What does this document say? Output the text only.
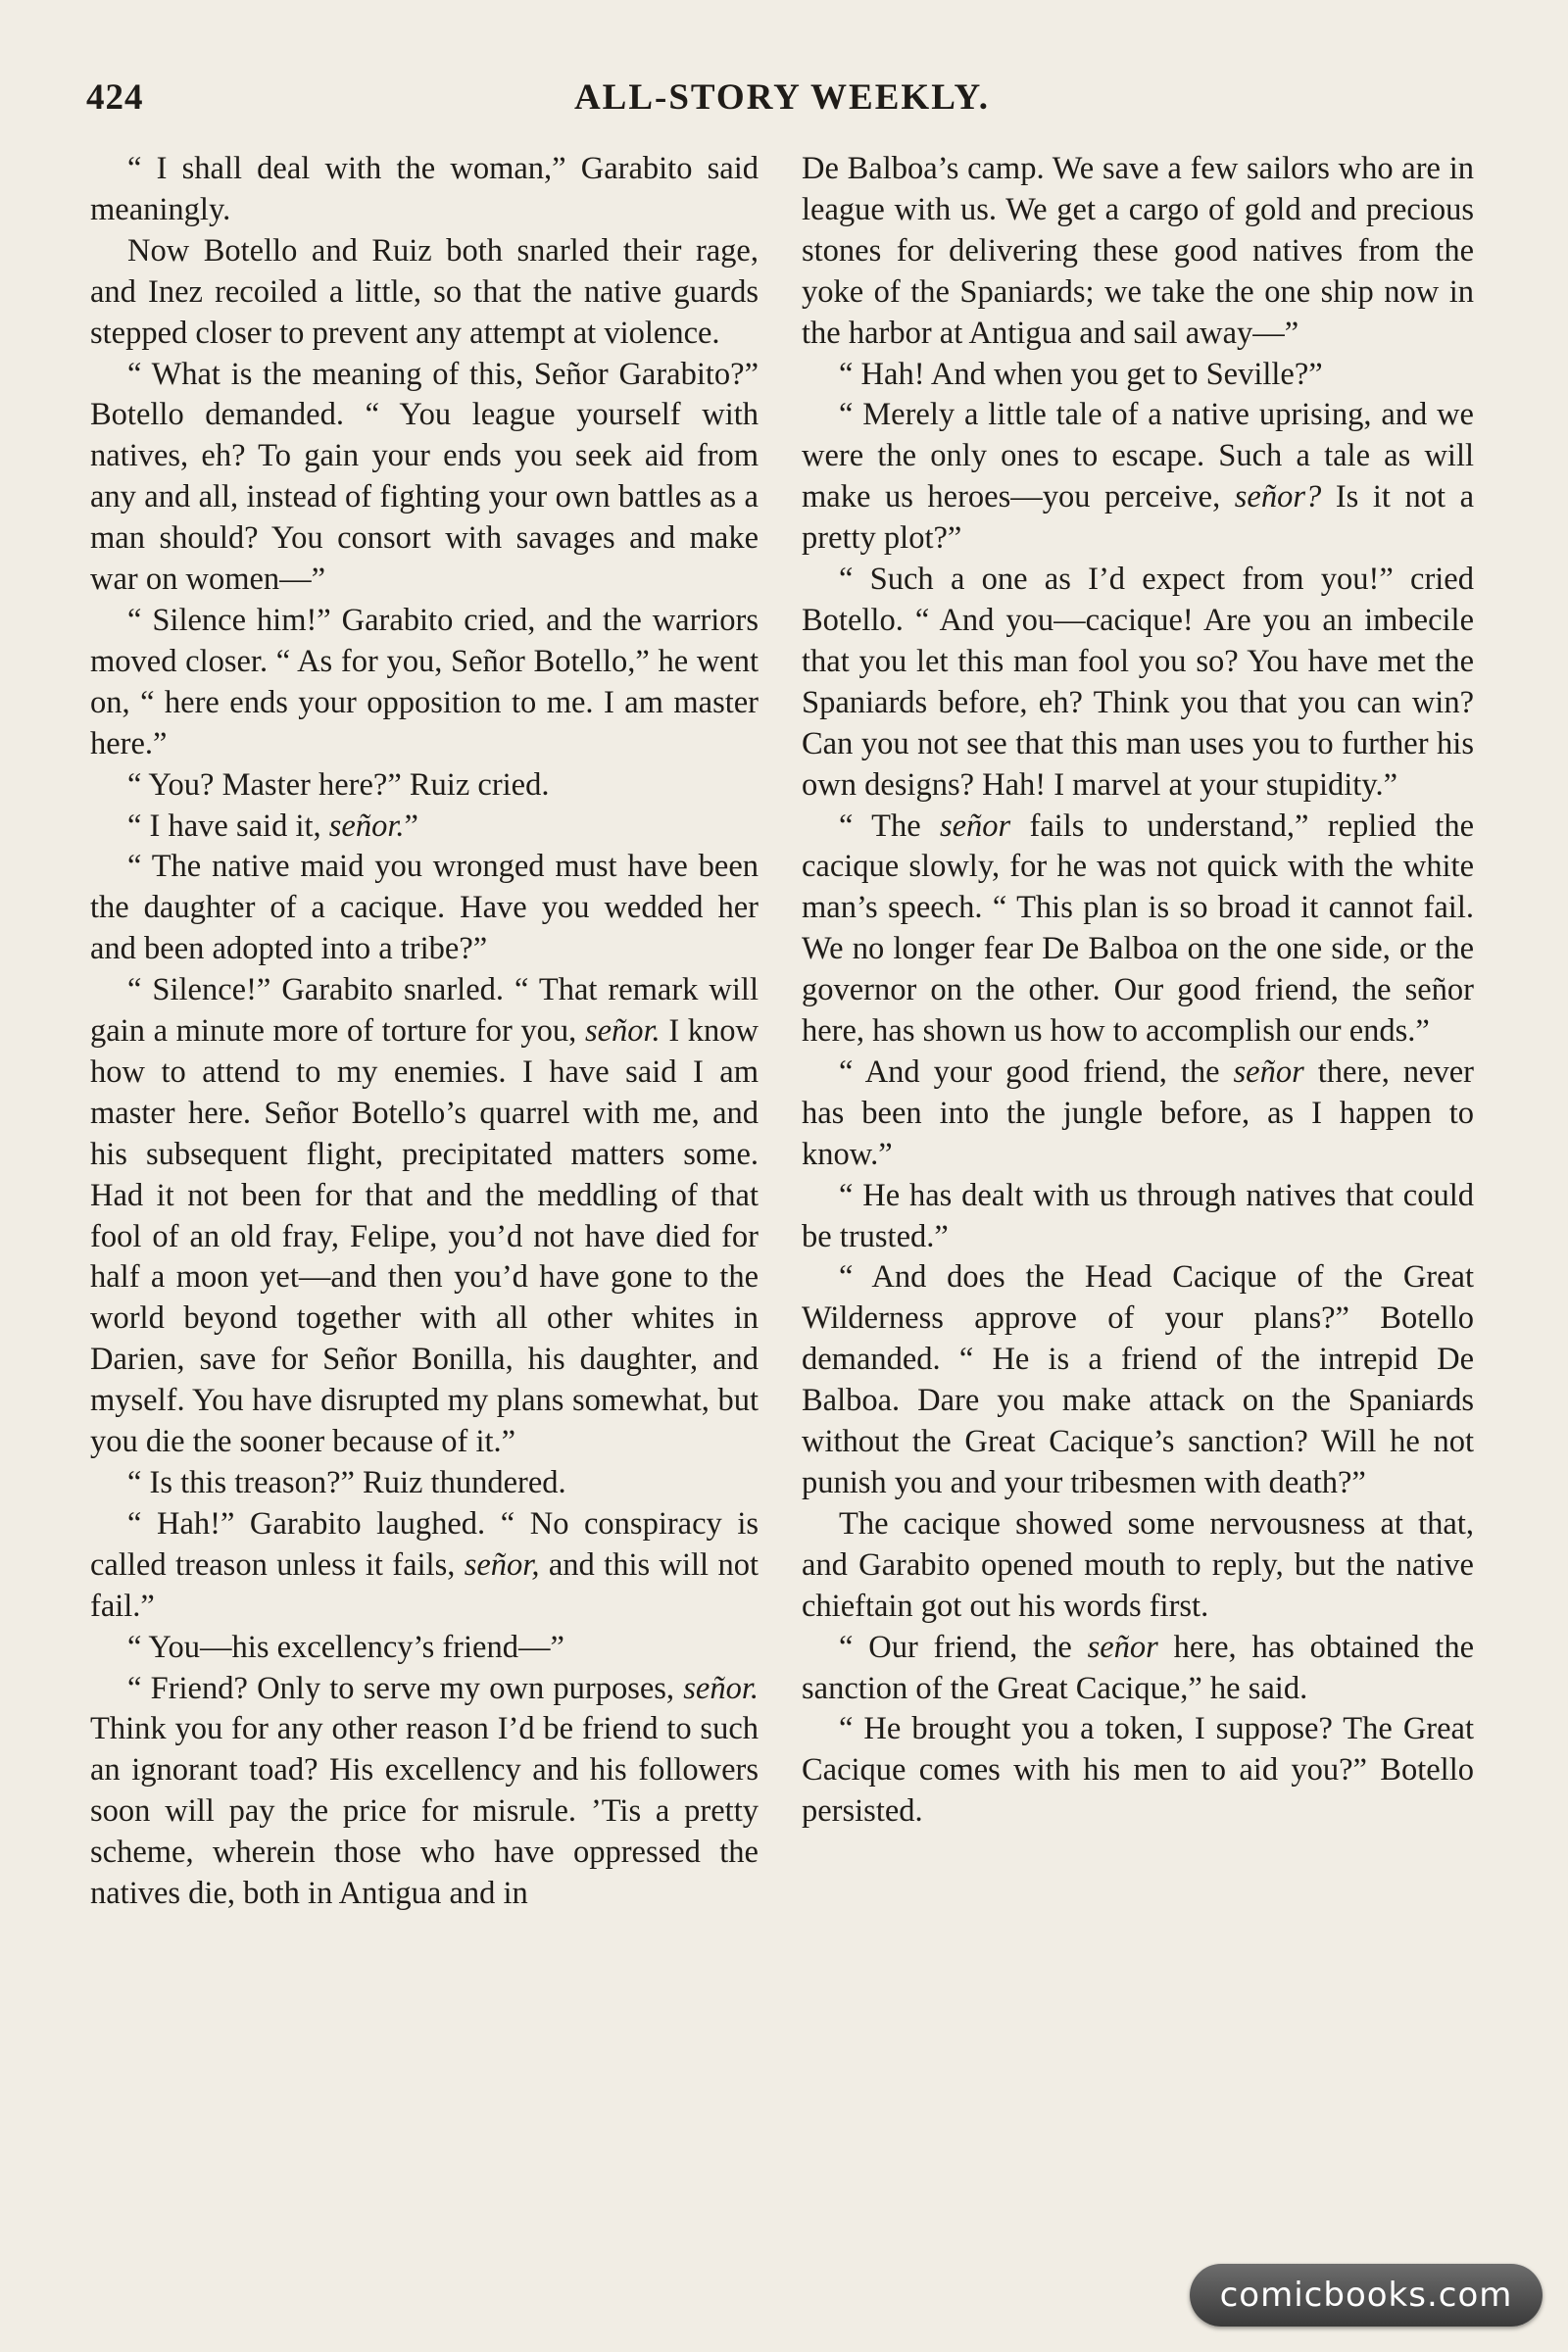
424	ALL-STORY WEEKLY.

“ I shall deal with the woman,” Garabito said meaningly.

Now Botello and Ruiz both snarled their rage, and Inez recoiled a little, so that the native guards stepped closer to prevent any attempt at violence.

“ What is the meaning of this, Señor Garabito?” Botello demanded. “ You league yourself with natives, eh? To gain your ends you seek aid from any and all, instead of fighting your own battles as a man should? You consort with savages and make war on women—”

“ Silence him!” Garabito cried, and the warriors moved closer. “ As for you, Señor Botello,” he went on, “ here ends your opposition to me. I am master here.”

“ You? Master here?” Ruiz cried.

“ I have said it, señor.”

“ The native maid you wronged must have been the daughter of a cacique. Have you wedded her and been adopted into a tribe?”

“ Silence!” Garabito snarled. “ That remark will gain a minute more of torture for you, señor. I know how to attend to my enemies. I have said I am master here. Señor Botello’s quarrel with me, and his subsequent flight, precipitated matters some. Had it not been for that and the meddling of that fool of an old fray, Felipe, you’d not have died for half a moon yet—and then you’d have gone to the world beyond together with all other whites in Darien, save for Señor Bonilla, his daughter, and myself. You have disrupted my plans somewhat, but you die the sooner because of it.”

“ Is this treason?” Ruiz thundered.

“ Hah!” Garabito laughed. “ No conspiracy is called treason unless it fails, señor, and this will not fail.”

“ You—his excellency’s friend—”

“ Friend? Only to serve my own purposes, señor. Think you for any other reason I’d be friend to such an ignorant toad? His excellency and his followers soon will pay the price for misrule. ’Tis a pretty scheme, wherein those who have oppressed the natives die, both in Antigua and in

De Balboa’s camp. We save a few sailors who are in league with us. We get a cargo of gold and precious stones for delivering these good natives from the yoke of the Spaniards; we take the one ship now in the harbor at Antigua and sail away—”

“ Hah! And when you get to Seville?”

“ Merely a little tale of a native uprising, and we were the only ones to escape. Such a tale as will make us heroes—you perceive, señor? Is it not a pretty plot?”

“ Such a one as I’d expect from you!” cried Botello. “ And you—cacique! Are you an imbecile that you let this man fool you so? You have met the Spaniards before, eh? Think you that you can win? Can you not see that this man uses you to further his own designs? Hah! I marvel at your stupidity.”

“ The señor fails to understand,” replied the cacique slowly, for he was not quick with the white man’s speech. “ This plan is so broad it cannot fail. We no longer fear De Balboa on the one side, or the governor on the other. Our good friend, the señor here, has shown us how to accomplish our ends.”

“ And your good friend, the señor there, never has been into the jungle before, as I happen to know.”

“ He has dealt with us through natives that could be trusted.”

“ And does the Head Cacique of the Great Wilderness approve of your plans?” Botello demanded. “ He is a friend of the intrepid De Balboa. Dare you make attack on the Spaniards without the Great Cacique’s sanction? Will he not punish you and your tribesmen with death?”

The cacique showed some nervousness at that, and Garabito opened mouth to reply, but the native chieftain got out his words first.

“ Our friend, the señor here, has obtained the sanction of the Great Cacique,” he said.

“ He brought you a token, I suppose? The Great Cacique comes with his men to aid you?” Botello persisted.

comicbooks.com
